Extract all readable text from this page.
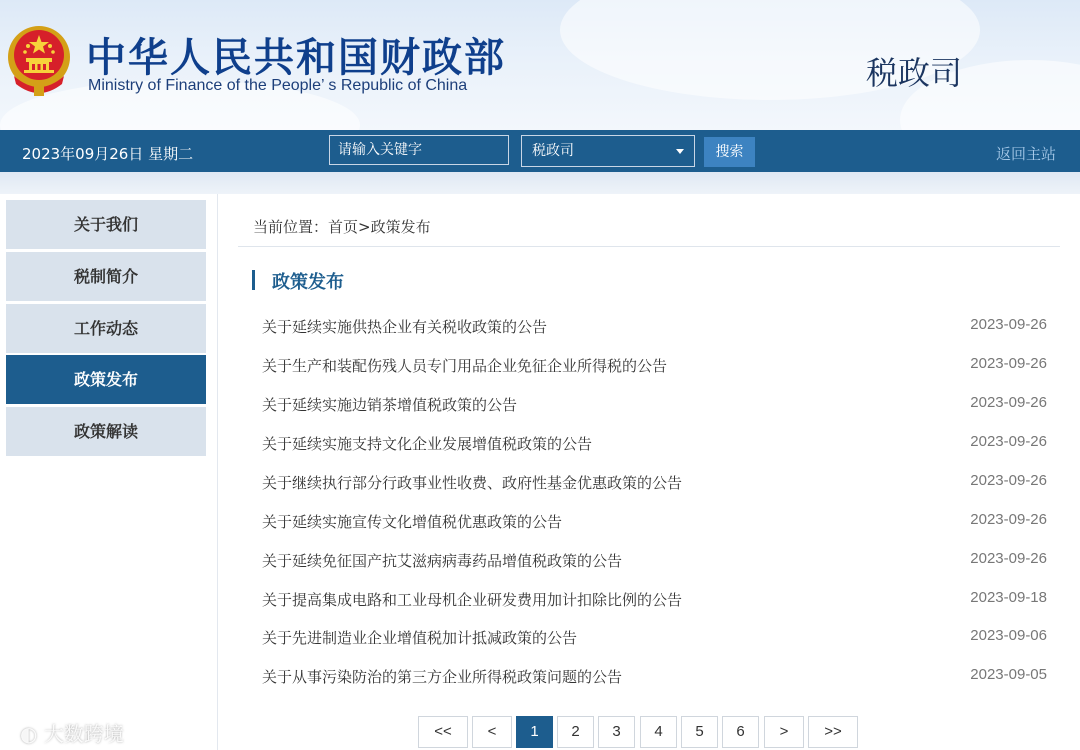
中华人民共和国财政部
Ministry of Finance of the People’ s Republic of China	税政司
2023年09月26日 星期二
请输入关键字	税政司	搜索	返回主站
关于我们
税制简介
工作动态
政策发布
政策解读
当前位置：首页>政策发布
政策发布
关于延续实施供热企业有关税收政策的公告	2023-09-26
关于生产和装配伤残人员专门用品企业免征企业所得税的公告	2023-09-26
关于延续实施边销茶增值税政策的公告	2023-09-26
关于延续实施支持文化企业发展增值税政策的公告	2023-09-26
关于继续执行部分行政事业性收费、政府性基金优惠政策的公告	2023-09-26
关于延续实施宣传文化增值税优惠政策的公告	2023-09-26
关于延续免征国产抗艾滋病病毒药品增值税政策的公告	2023-09-26
关于提高集成电路和工业母机企业研发费用加计扣除比例的公告	2023-09-18
关于先进制造业企业增值税加计抵减政策的公告	2023-09-06
关于从事污染防治的第三方企业所得税政策问题的公告	2023-09-05
<<	<	1	2	3	4	5	6	>	>>
◐ 大数跨境
